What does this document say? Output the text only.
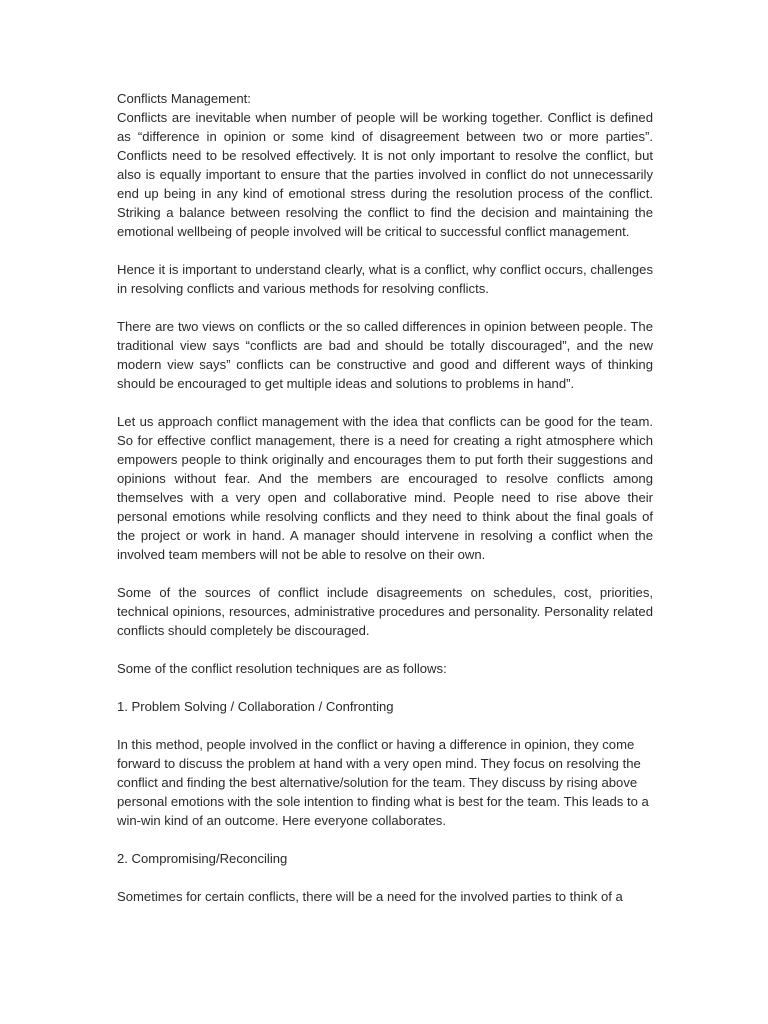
Conflicts Management:

Conflicts are inevitable when number of people will be working together. Conflict is defined as “difference in opinion or some kind of disagreement between two or more parties”. Conflicts need to be resolved effectively. It is not only important to resolve the conflict, but also is equally important to ensure that the parties involved in conflict do not unnecessarily end up being in any kind of emotional stress during the resolution process of the conflict. Striking a balance between resolving the conflict to find the decision and maintaining the emotional wellbeing of people involved will be critical to successful conflict management.

Hence it is important to understand clearly, what is a conflict, why conflict occurs, challenges in resolving conflicts and various methods for resolving conflicts.

There are two views on conflicts or the so called differences in opinion between people. The traditional view says “conflicts are bad and should be totally discouraged”, and the new modern view says” conflicts can be constructive and good and different ways of thinking should be encouraged to get multiple ideas and solutions to problems in hand”.

Let us approach conflict management with the idea that conflicts can be good for the team. So for effective conflict management, there is a need for creating a right atmosphere which empowers people to think originally and encourages them to put forth their suggestions and opinions without fear. And the members are encouraged to resolve conflicts among themselves with a very open and collaborative mind. People need to rise above their personal emotions while resolving conflicts and they need to think about the final goals of the project or work in hand. A manager should intervene in resolving a conflict when the involved team members will not be able to resolve on their own.

Some of the sources of conflict include disagreements on schedules, cost, priorities, technical opinions, resources, administrative procedures and personality. Personality related conflicts should completely be discouraged.

Some of the conflict resolution techniques are as follows:

1. Problem Solving / Collaboration / Confronting

In this method, people involved in the conflict or having a difference in opinion, they come forward to discuss the problem at hand with a very open mind. They focus on resolving the conflict and finding the best alternative/solution for the team. They discuss by rising above personal emotions with the sole intention to finding what is best for the team. This leads to a win-win kind of an outcome. Here everyone collaborates.

2. Compromising/Reconciling

Sometimes for certain conflicts, there will be a need for the involved parties to think of a
